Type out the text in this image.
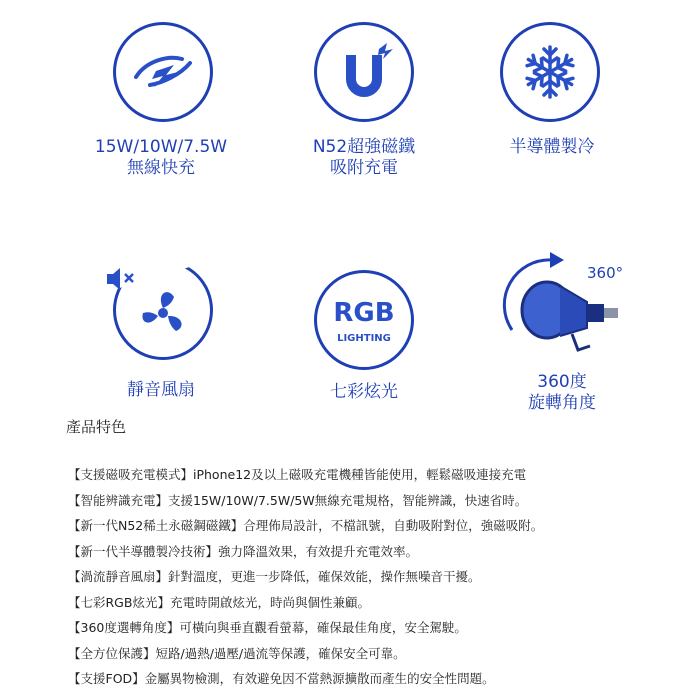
15W/10W/7.5W
無線快充
N52超強磁鐵
吸附充電
半導體製冷
靜音風扇
RGB
LIGHTING
七彩炫光
360°
360度
旋轉角度
產品特色
【支援磁吸充電模式】iPhone12及以上磁吸充電機種皆能使用，輕鬆磁吸連接充電
【智能辨識充電】支援15W/10W/7.5W/5W無線充電規格，智能辨識，快速省時。
【新一代N52稀土永磁鋼磁鐵】合理佈局設計，不檔訊號，自動吸附對位，強磁吸附。
【新一代半導體製冷技術】強力降溫效果，有效提升充電效率。
【渦流靜音風扇】針對溫度，更進一步降低，確保效能，操作無噪音干擾。
【七彩RGB炫光】充電時開啟炫光，時尚與個性兼顧。
【360度選轉角度】可橫向與垂直觀看螢幕，確保最佳角度，安全駕駛。
【全方位保護】短路/過熱/過壓/過流等保護，確保安全可靠。
【支援FOD】金屬異物檢測，有效避免因不當熱源擴散而產生的安全性問題。
